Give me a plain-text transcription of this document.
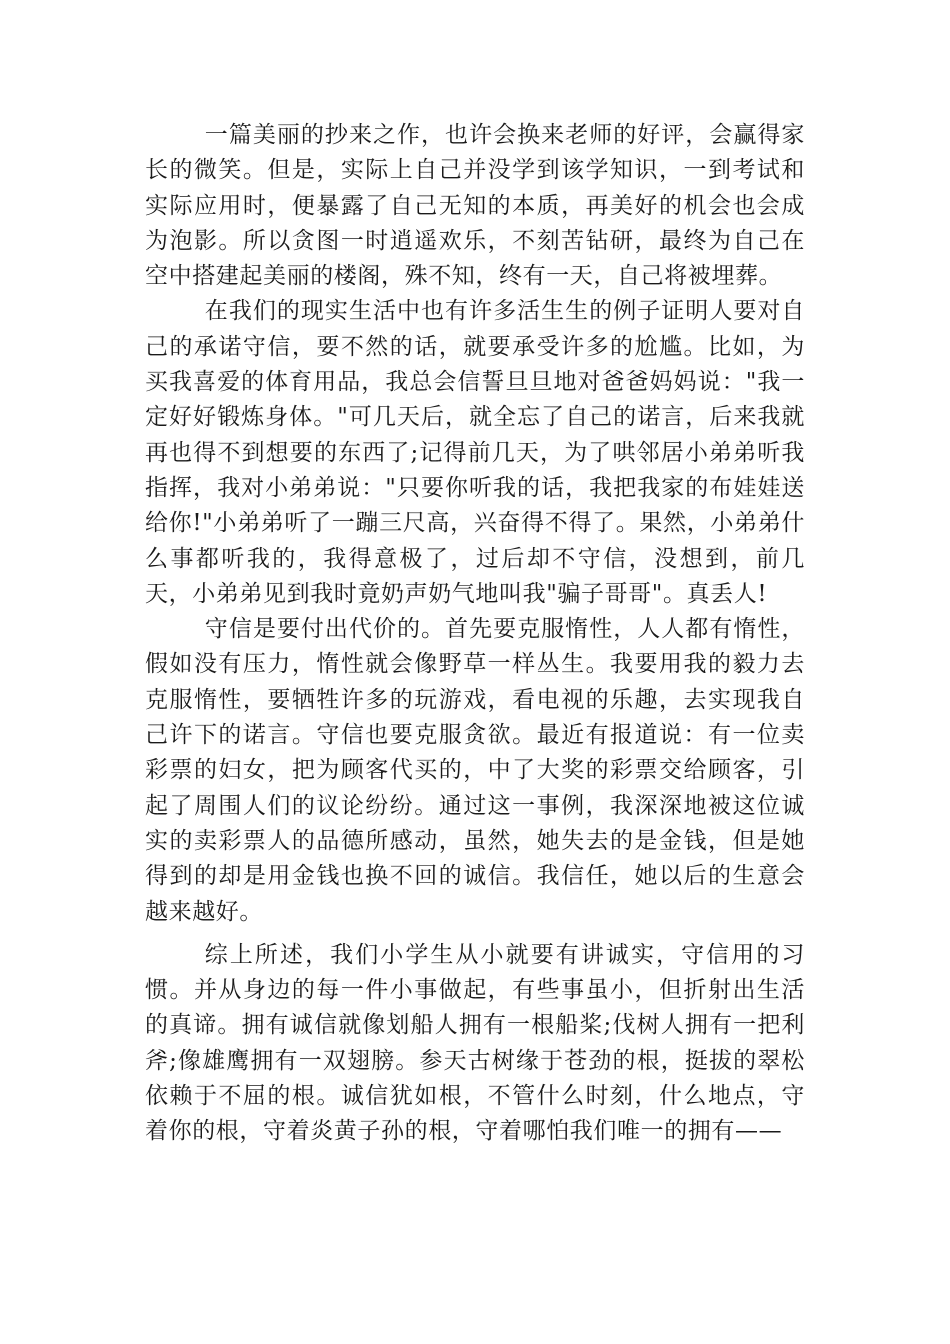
一篇美丽的抄来之作，也许会换来老师的好评，会赢得家长的微笑。但是，实际上自己并没学到该学知识，一到考试和实际应用时，便暴露了自己无知的本质，再美好的机会也会成为泡影。所以贪图一时逍遥欢乐，不刻苦钻研，最终为自己在空中搭建起美丽的楼阁，殊不知，终有一天，自己将被埋葬。

在我们的现实生活中也有许多活生生的例子证明人要对自己的承诺守信，要不然的话，就要承受许多的尬尴。比如，为买我喜爱的体育用品，我总会信誓旦旦地对爸爸妈妈说："我一定好好锻炼身体。"可几天后，就全忘了自己的诺言，后来我就再也得不到想要的东西了;记得前几天，为了哄邻居小弟弟听我指挥，我对小弟弟说："只要你听我的话，我把我家的布娃娃送给你!"小弟弟听了一蹦三尺高，兴奋得不得了。果然，小弟弟什么事都听我的，我得意极了，过后却不守信，没想到，前几天，小弟弟见到我时竟奶声奶气地叫我"骗子哥哥"。真丢人!

守信是要付出代价的。首先要克服惰性，人人都有惰性，假如没有压力，惰性就会像野草一样丛生。我要用我的毅力去克服惰性，要牺牲许多的玩游戏，看电视的乐趣，去实现我自己许下的诺言。守信也要克服贪欲。最近有报道说：有一位卖彩票的妇女，把为顾客代买的，中了大奖的彩票交给顾客，引起了周围人们的议论纷纷。通过这一事例，我深深地被这位诚实的卖彩票人的品德所感动，虽然，她失去的是金钱，但是她得到的却是用金钱也换不回的诚信。我信任，她以后的生意会越来越好。

综上所述，我们小学生从小就要有讲诚实，守信用的习惯。并从身边的每一件小事做起，有些事虽小，但折射出生活的真谛。拥有诚信就像划船人拥有一根船桨;伐树人拥有一把利斧;像雄鹰拥有一双翅膀。参天古树缘于苍劲的根，挺拔的翠松依赖于不屈的根。诚信犹如根，不管什么时刻，什么地点，守着你的根，守着炎黄子孙的根，守着哪怕我们唯一的拥有——
